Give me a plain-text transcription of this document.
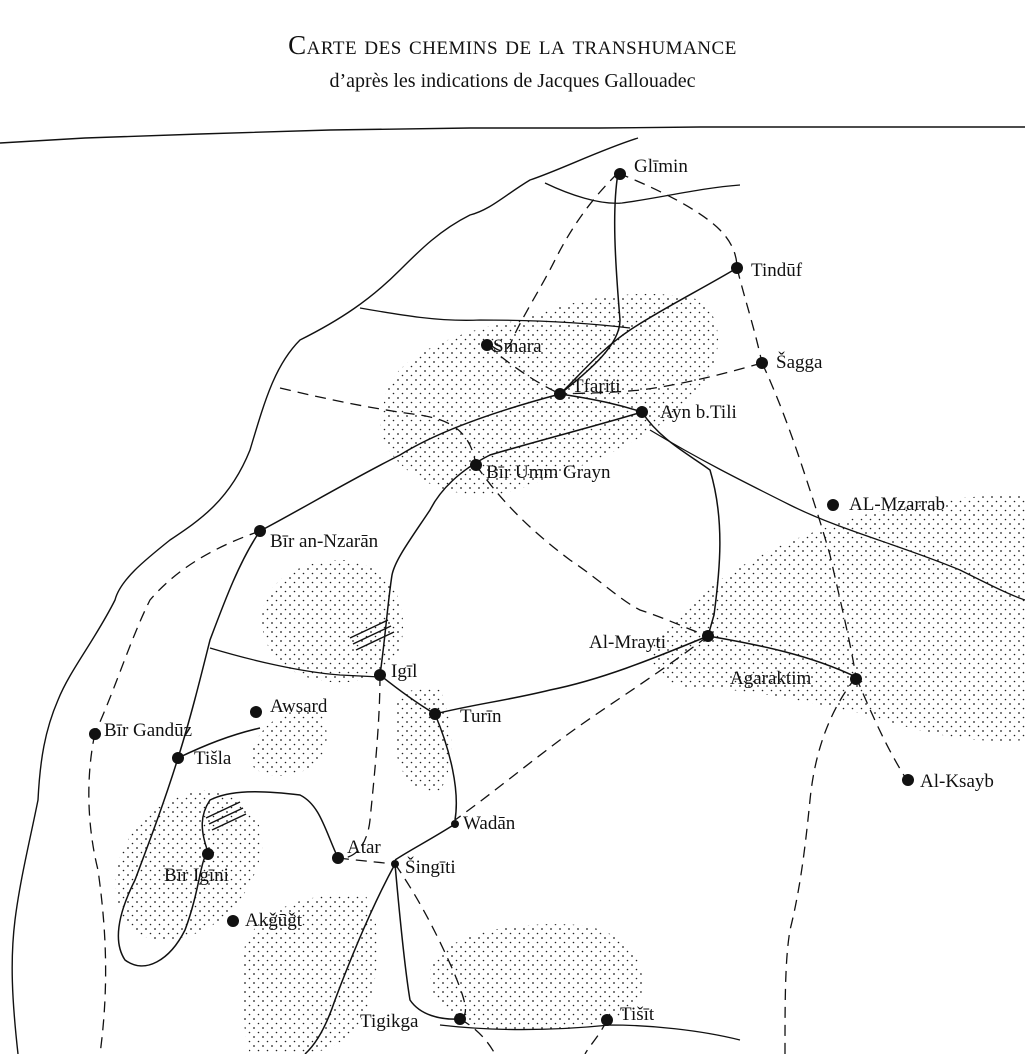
Carte des chemins de la transhumance
d’après les indications de Jacques Gallouadec
Glīmin
Tindūf
Smara
Šagga
Tfariti
Ayn b.Tili
Bīr Umm Grayn
AL-Mzarrab
Bīr an-Nzarān
Al-Mrayti
Igīl	Agaraktim
Awsard	Turīn
Bīr Gandūz
Tišla
Al-Ksayb
Wadān
Atar
Šingīti
Bīr Igīni
Akǧūǧt
Tigikga	Tišīt
